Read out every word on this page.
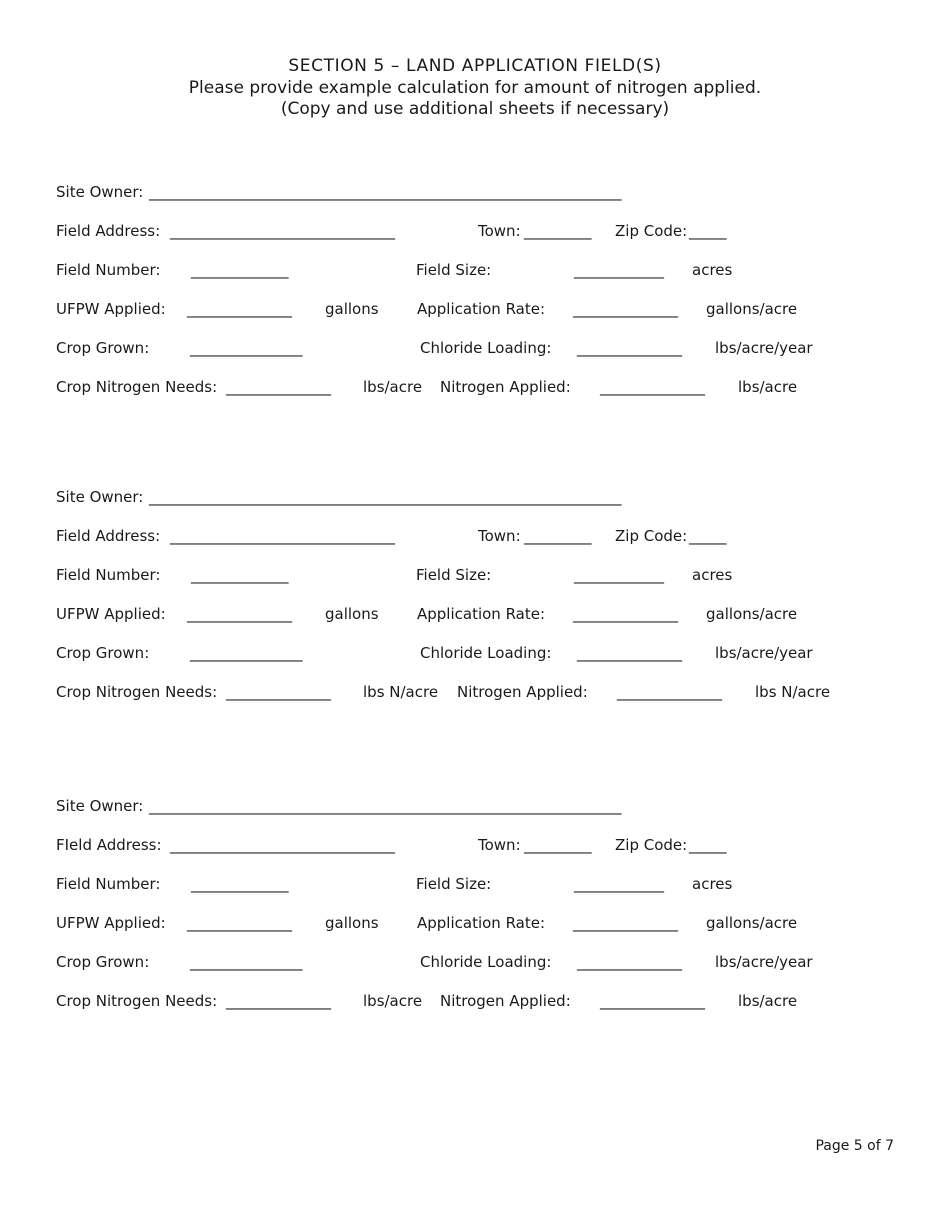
SECTION 5 – LAND APPLICATION FIELD(S)
Please provide example calculation for amount of nitrogen applied.
(Copy and use additional sheets if necessary)
Site Owner: _______________________________________________________________
Field Address: ______________________________	Town: _________ Zip Code: _____
Field Number: _____________	Field Size:	____________ acres
UFPW Applied: ______________ gallons	Application Rate: ______________ gallons/acre
Crop Grown:	_______________	Chloride Loading: ______________ lbs/acre/year
Crop Nitrogen Needs: ______________ lbs/acre Nitrogen Applied: ______________ lbs/acre
Site Owner: _______________________________________________________________
Field Address: ______________________________	Town: _________ Zip Code: _____
Field Number: _____________	Field Size:	____________ acres
UFPW Applied: ______________ gallons	Application Rate: ______________ gallons/acre
Crop Grown:	_______________	Chloride Loading: ______________ lbs/acre/year
Crop Nitrogen Needs: ______________ lbs N/acre Nitrogen Applied: ______________ lbs N/acre
Site Owner: _______________________________________________________________
FIeld Address: ______________________________	Town: _________ Zip Code: _____
Field Number: _____________	Field Size:	____________ acres
UFPW Applied: ______________ gallons	Application Rate: ______________ gallons/acre
Crop Grown:	_______________	Chloride Loading: ______________ lbs/acre/year
Crop Nitrogen Needs: ______________ lbs/acre Nitrogen Applied: ______________ lbs/acre
Page 5 of 7
